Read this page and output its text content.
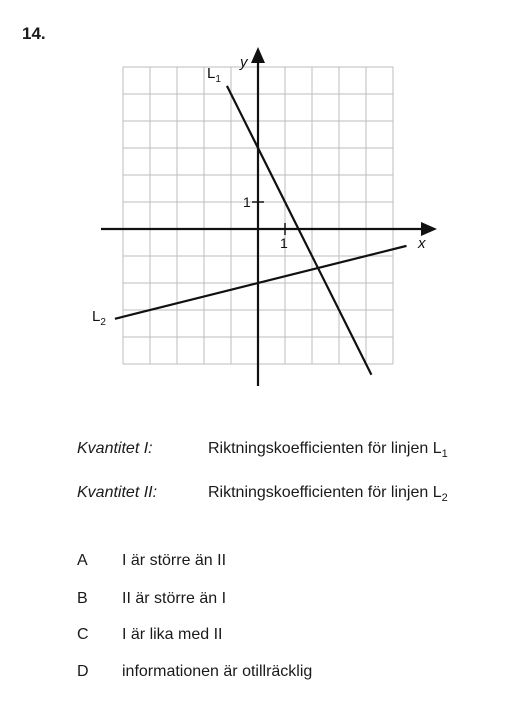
14.
x
y
1
1
$L_1$
$L_2$
Kvantitet I:	Riktningskoefficienten för linjen $L_1$
Kvantitet II:	Riktningskoefficienten för linjen $L_2$
A I är större än II
B II är större än I
C I är lika med II
D informationen är otillräcklig
